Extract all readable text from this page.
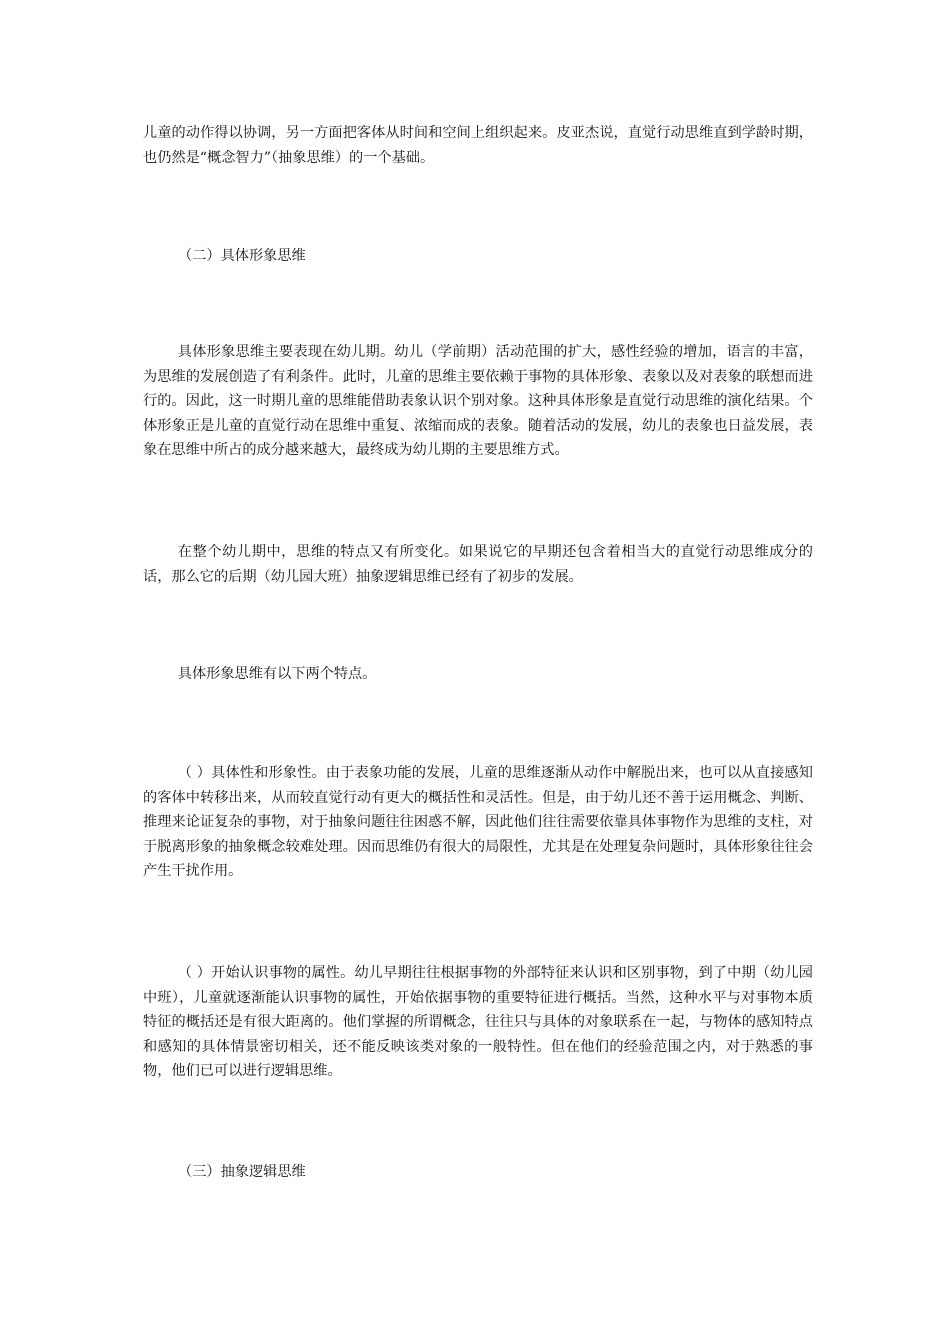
儿童的动作得以协调，另一方面把客体从时间和空间上组织起来。皮亚杰说，直觉行动思维直到学龄时期，也仍然是“概念智力”（抽象思维）的一个基础。

（二）具体形象思维

具体形象思维主要表现在幼儿期。幼儿（学前期）活动范围的扩大，感性经验的增加，语言的丰富，为思维的发展创造了有利条件。此时，儿童的思维主要依赖于事物的具体形象、表象以及对表象的联想而进行的。因此，这一时期儿童的思维能借助表象认识个别对象。这种具体形象是直觉行动思维的演化结果。个体形象正是儿童的直觉行动在思维中重复、浓缩而成的表象。随着活动的发展，幼儿的表象也日益发展，表象在思维中所占的成分越来越大，最终成为幼儿期的主要思维方式。

在整个幼儿期中，思维的特点又有所变化。如果说它的早期还包含着相当大的直觉行动思维成分的话，那么它的后期（幼儿园大班）抽象逻辑思维已经有了初步的发展。

具体形象思维有以下两个特点。

（ ）具体性和形象性。由于表象功能的发展，儿童的思维逐渐从动作中解脱出来，也可以从直接感知的客体中转移出来，从而较直觉行动有更大的概括性和灵活性。但是，由于幼儿还不善于运用概念、判断、推理来论证复杂的事物，对于抽象问题往往困惑不解，因此他们往往需要依靠具体事物作为思维的支柱，对于脱离形象的抽象概念较难处理。因而思维仍有很大的局限性，尤其是在处理复杂问题时，具体形象往往会产生干扰作用。

（ ）开始认识事物的属性。幼儿早期往往根据事物的外部特征来认识和区别事物，到了中期（幼儿园中班），儿童就逐渐能认识事物的属性，开始依据事物的重要特征进行概括。当然，这种水平与对事物本质特征的概括还是有很大距离的。他们掌握的所谓概念，往往只与具体的对象联系在一起，与物体的感知特点和感知的具体情景密切相关，还不能反映该类对象的一般特性。但在他们的经验范围之内，对于熟悉的事物，他们已可以进行逻辑思维。

（三）抽象逻辑思维
